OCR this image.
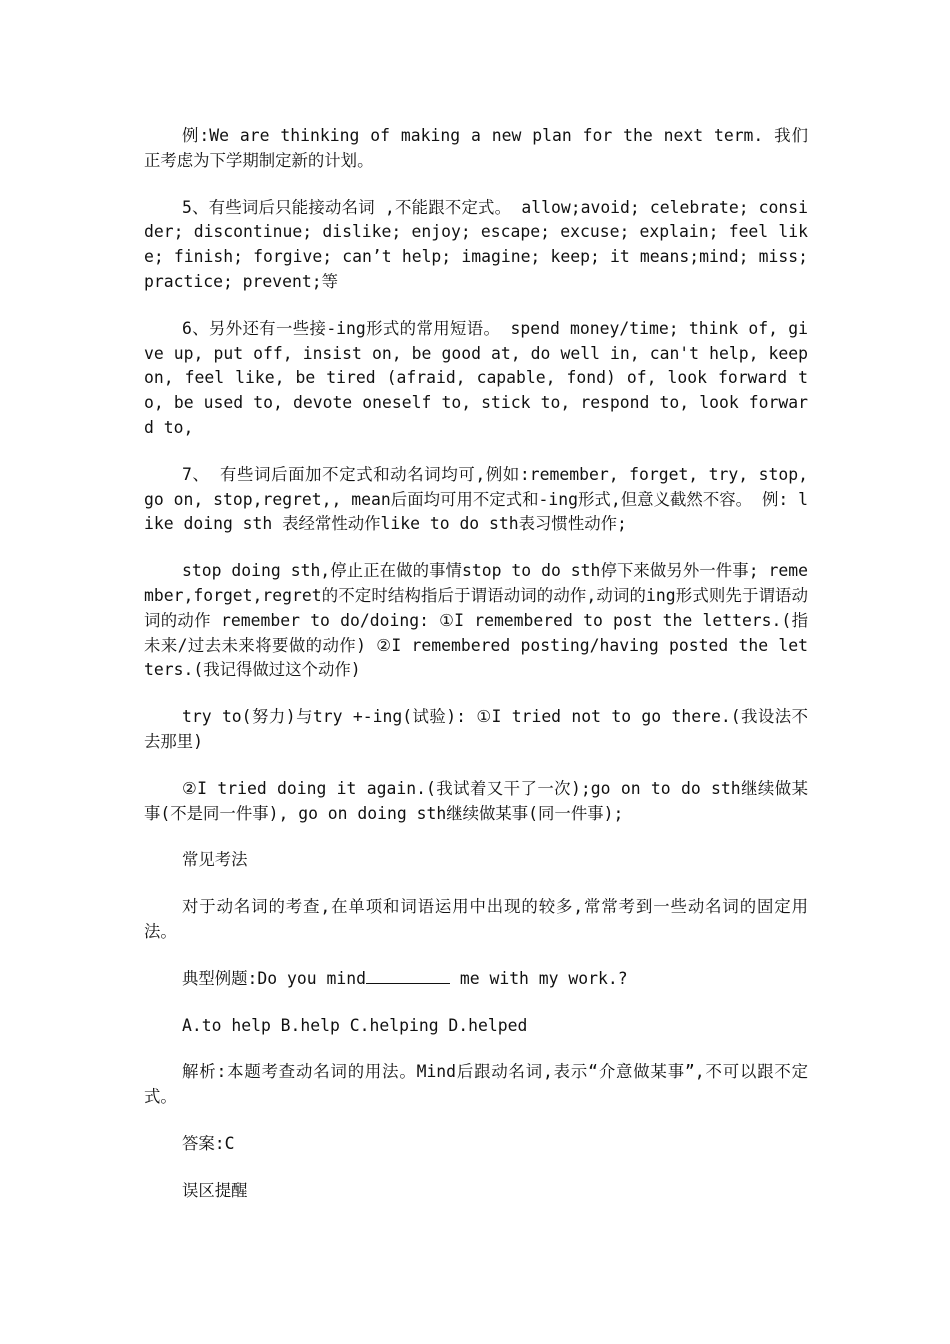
例:We are thinking of making a new plan for the next term. 我们正考虑为下学期制定新的计划。

5、有些词后只能接动名词 ,不能跟不定式。 allow;avoid; celebrate; consider; discontinue; dislike; enjoy; escape; excuse; explain; feel like; finish; forgive; can’t help; imagine; keep; it means;mind; miss; practice; prevent;等

6、另外还有一些接-ing形式的常用短语。 spend money/time; think of, give up, put off, insist on, be good at, do well in, can't help, keep on, feel like, be tired (afraid, capable, fond) of, look forward to, be used to, devote oneself to, stick to, respond to, look forward to,

7、 有些词后面加不定式和动名词均可,例如:remember, forget, try, stop, go on, stop,regret,, mean后面均可用不定式和-ing形式,但意义截然不容。 例: like doing sth 表经常性动作like to do sth表习惯性动作;

stop doing sth,停止正在做的事情stop to do sth停下来做另外一件事; remember,forget,regret的不定时结构指后于谓语动词的动作,动词的ing形式则先于谓语动词的动作 remember to do/doing: ①I remembered to post the letters.(指未来/过去未来将要做的动作) ②I remembered posting/having posted the letters.(我记得做过这个动作)

try to(努力)与try +-ing(试验): ①I tried not to go there.(我设法不去那里)

②I tried doing it again.(我试着又干了一次);go on to do sth继续做某事(不是同一件事), go on doing sth继续做某事(同一件事);

常见考法

对于动名词的考查,在单项和词语运用中出现的较多,常常考到一些动名词的固定用法。

典型例题:Do you mind	me with my work.?

A.to help B.help C.helping D.helped

解析:本题考查动名词的用法。Mind后跟动名词,表示“介意做某事”,不可以跟不定式。

答案:C

误区提醒
